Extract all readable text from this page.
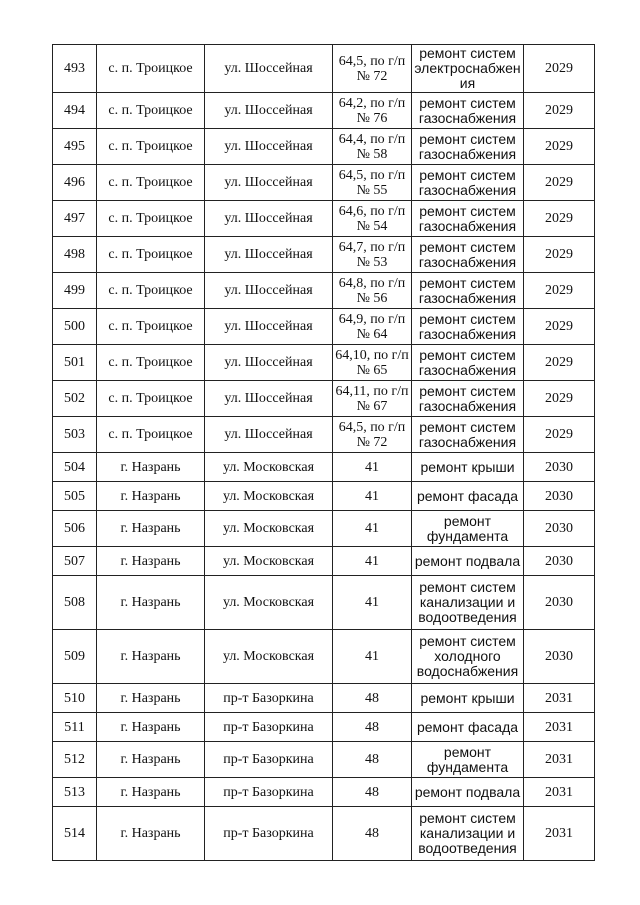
493	с. п. Троицкое	ул. Шоссейная	64,5, по г/п № 72	ремонт систем электроснабжен ия	2029
494	с. п. Троицкое	ул. Шоссейная	64,2, по г/п № 76	ремонт систем газоснабжения	2029
495	с. п. Троицкое	ул. Шоссейная	64,4, по г/п № 58	ремонт систем газоснабжения	2029
496	с. п. Троицкое	ул. Шоссейная	64,5, по г/п № 55	ремонт систем газоснабжения	2029
497	с. п. Троицкое	ул. Шоссейная	64,6, по г/п № 54	ремонт систем газоснабжения	2029
498	с. п. Троицкое	ул. Шоссейная	64,7, по г/п № 53	ремонт систем газоснабжения	2029
499	с. п. Троицкое	ул. Шоссейная	64,8, по г/п № 56	ремонт систем газоснабжения	2029
500	с. п. Троицкое	ул. Шоссейная	64,9, по г/п № 64	ремонт систем газоснабжения	2029
501	с. п. Троицкое	ул. Шоссейная	64,10, по г/п № 65	ремонт систем газоснабжения	2029
502	с. п. Троицкое	ул. Шоссейная	64,11, по г/п № 67	ремонт систем газоснабжения	2029
503	с. п. Троицкое	ул. Шоссейная	64,5, по г/п № 72	ремонт систем газоснабжения	2029
504	г. Назрань	ул. Московская	41	ремонт крыши	2030
505	г. Назрань	ул. Московская	41	ремонт фасада	2030
506	г. Назрань	ул. Московская	41	ремонт фундамента	2030
507	г. Назрань	ул. Московская	41	ремонт подвала	2030
508	г. Назрань	ул. Московская	41	ремонт систем канализации и водоотведения	2030
509	г. Назрань	ул. Московская	41	ремонт систем холодного водоснабжения	2030
510	г. Назрань	пр-т Базоркина	48	ремонт крыши	2031
511	г. Назрань	пр-т Базоркина	48	ремонт фасада	2031
512	г. Назрань	пр-т Базоркина	48	ремонт фундамента	2031
513	г. Назрань	пр-т Базоркина	48	ремонт подвала	2031
514	г. Назрань	пр-т Базоркина	48	ремонт систем канализации и водоотведения	2031
